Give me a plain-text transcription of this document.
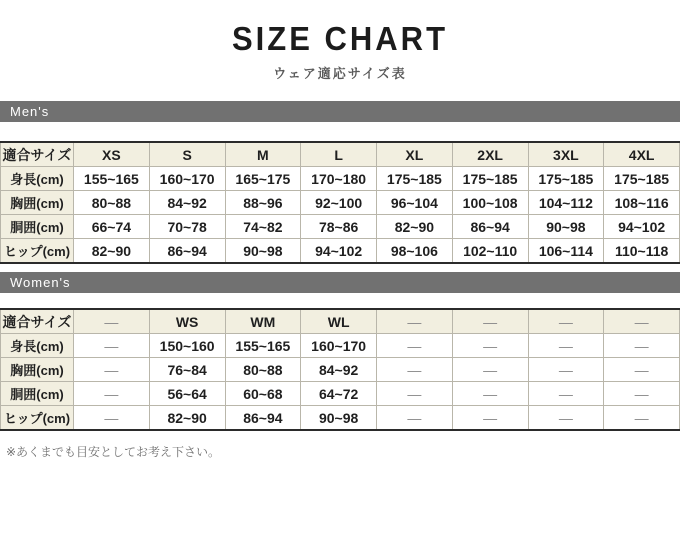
SIZE CHART
ウェア適応サイズ表
Men's
適合サイズ	XS	S	M	L	XL	2XL	3XL	4XL
身長(cm)	155~165	160~170	165~175	170~180	175~185	175~185	175~185	175~185
胸囲(cm)	80~88	84~92	88~96	92~100	96~104	100~108	104~112	108~116
胴囲(cm)	66~74	70~78	74~82	78~86	82~90	86~94	90~98	94~102
ヒップ(cm)	82~90	86~94	90~98	94~102	98~106	102~110	106~114	110~118
Women's
適合サイズ	—	WS	WM	WL	—	—	—	—
身長(cm)	—	150~160	155~165	160~170	—	—	—	—
胸囲(cm)	—	76~84	80~88	84~92	—	—	—	—
胴囲(cm)	—	56~64	60~68	64~72	—	—	—	—
ヒップ(cm)	—	82~90	86~94	90~98	—	—	—	—
※あくまでも目安としてお考え下さい。
